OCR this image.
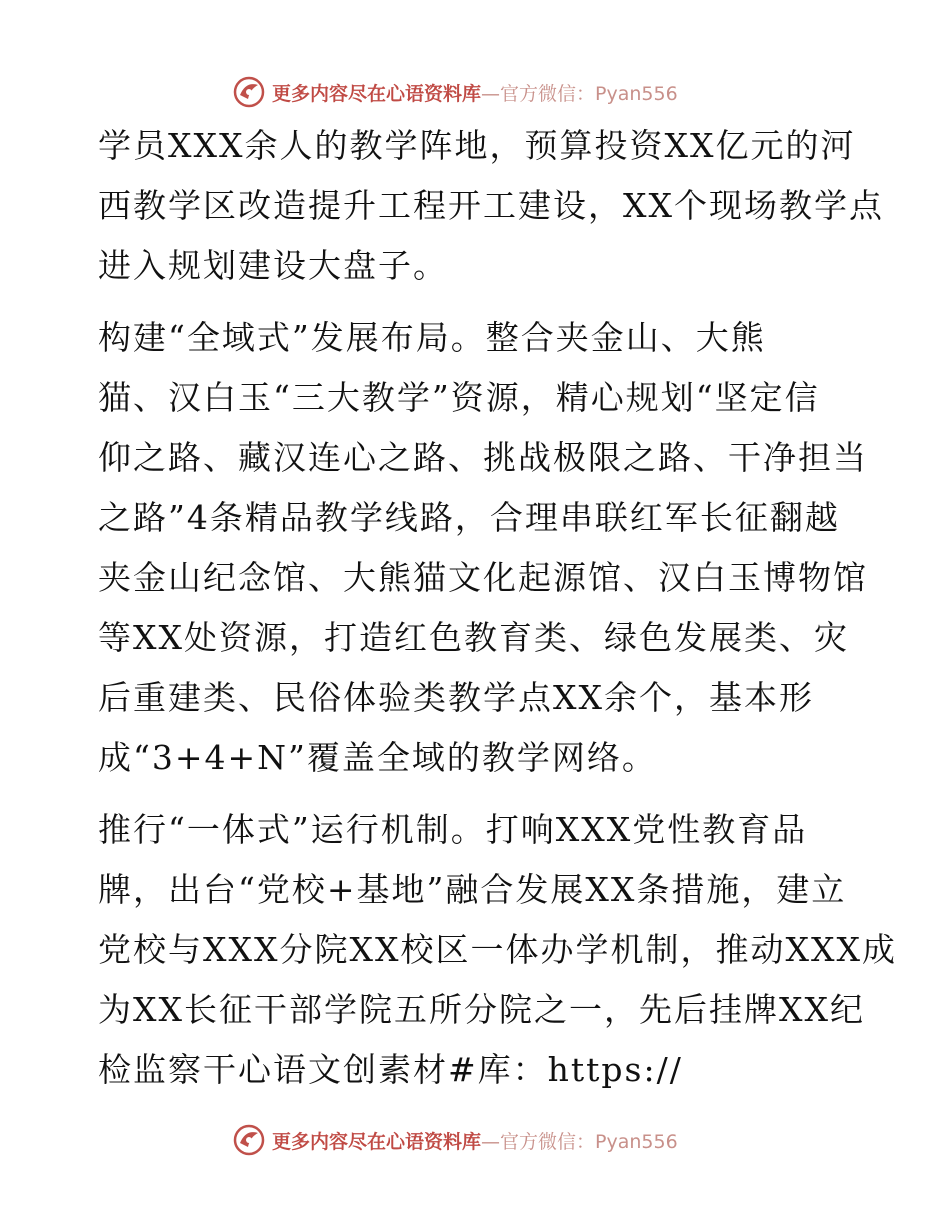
更多内容尽在心语资料库—官方微信：Pyan556
学员XXX余人的教学阵地，预算投资XX亿元的河
西教学区改造提升工程开工建设，XX个现场教学点
进入规划建设大盘子。
构建“全域式”发展布局。整合夹金山、大熊
猫、汉白玉“三大教学”资源，精心规划“坚定信
仰之路、藏汉连心之路、挑战极限之路、干净担当
之路”4条精品教学线路，合理串联红军长征翻越
夹金山纪念馆、大熊猫文化起源馆、汉白玉博物馆
等XX处资源，打造红色教育类、绿色发展类、灾
后重建类、民俗体验类教学点XX余个，基本形
成“3+4+N”覆盖全域的教学网络。
推行“一体式”运行机制。打响XXX党性教育品
牌，出台“党校+基地”融合发展XX条措施，建立
党校与XXX分院XX校区一体办学机制，推动XXX成
为XX长征干部学院五所分院之一，先后挂牌XX纪
检监察干心语文创素材#库：https://
更多内容尽在心语资料库—官方微信：Pyan556
